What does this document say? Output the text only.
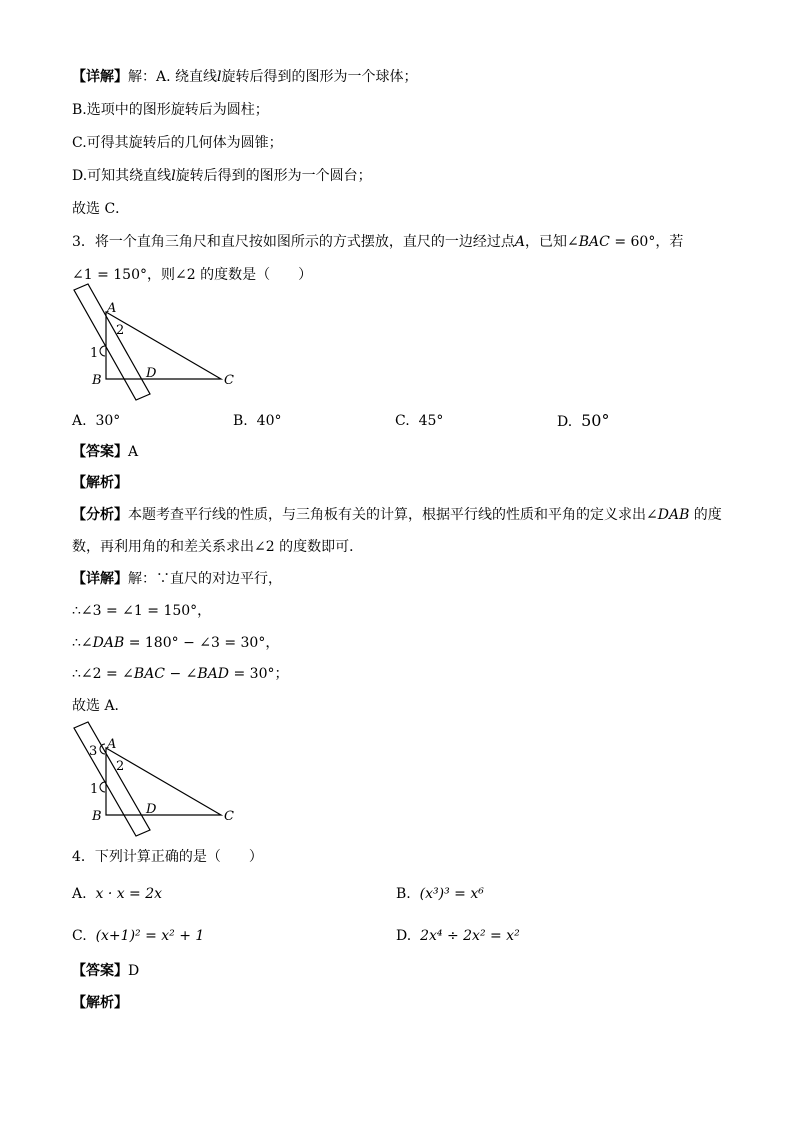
【详解】解：A. 绕直线l旋转后得到的图形为一个球体；
B.选项中的图形旋转后为圆柱；
C.可得其旋转后的几何体为圆锥；
D.可知其绕直线l旋转后得到的图形为一个圆台；
故选 C．
3．将一个直角三角尺和直尺按如图所示的方式摆放，直尺的一边经过点A，已知∠BAC = 60°，若
∠1 = 150°，则∠2 的度数是（　　）
A
2
1
D
B	C
A. 30°	B. 40°	C. 45°	D. 50°
【答案】A
【解析】
【分析】本题考查平行线的性质，与三角板有关的计算，根据平行线的性质和平角的定义求出∠DAB 的度
数，再利用角的和差关系求出∠2 的度数即可．
【详解】解：∵直尺的对边平行，
∴∠3 = ∠1 = 150°，
∴∠DAB = 180° − ∠3 = 30°，
∴∠2 = ∠BAC − ∠BAD = 30°；
故选 A．
3 A
2
1
D
B	C
4．下列计算正确的是（　　）
A. x · x = 2x	B. (x³)³ = x⁶
C. (x+1)² = x² + 1	D. 2x⁴ ÷ 2x² = x²
【答案】D
【解析】
